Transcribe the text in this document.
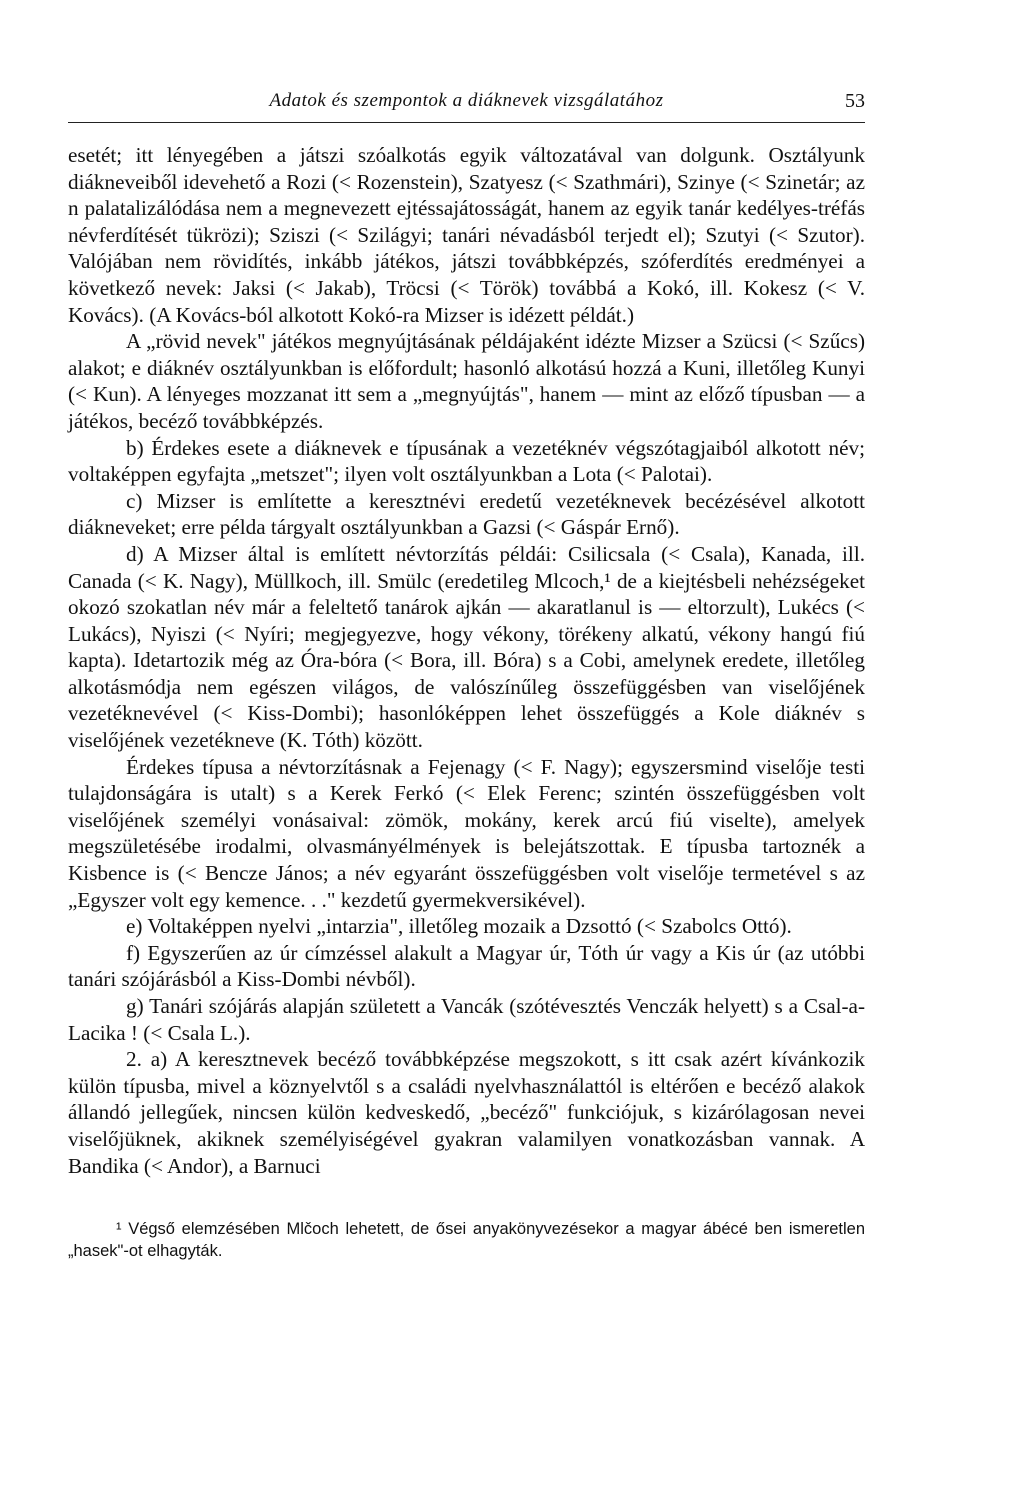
Adatok és szempontok a diáknevek vizsgálatához	53

esetét; itt lényegében a játszi szóalkotás egyik változatával van dolgunk. Osztályunk diákneveiből idevehető a Rozi (< Rozenstein), Szatyesz (< Szathmári), Szinye (< Szinetár; az n palatalizálódása nem a megnevezett ejtéssajátosságát, hanem az egyik tanár kedélyes-tréfás névferdítését tükrözi); Sziszi (< Szilágyi; tanári névadásból terjedt el); Szutyi (< Szutor). Valójában nem rövidítés, inkább játékos, játszi továbbképzés, szóferdítés eredményei a következő nevek: Jaksi (< Jakab), Tröcsi (< Török) továbbá a Kokó, ill. Kokesz (< V. Kovács). (A Kovács-ból alkotott Kokó-ra Mizser is idézett példát.)

A „rövid nevek" játékos megnyújtásának példájaként idézte Mizser a Szücsi (< Szűcs) alakot; e diáknév osztályunkban is előfordult; hasonló alkotású hozzá a Kuni, illetőleg Kunyi (< Kun). A lényeges mozzanat itt sem a „megnyújtás", hanem — mint az előző típusban — a játékos, becéző továbbképzés.

b) Érdekes esete a diáknevek e típusának a vezetéknév végszótagjaiból alkotott név; voltaképpen egyfajta „metszet"; ilyen volt osztályunkban a Lota (< Palotai).

c) Mizser is említette a keresztnévi eredetű vezetéknevek becézésével alkotott diákneveket; erre példa tárgyalt osztályunkban a Gazsi (< Gáspár Ernő).

d) A Mizser által is említett névtorzítás példái: Csilicsala (< Csala), Kanada, ill. Canada (< K. Nagy), Müllkoch, ill. Smülc (eredetileg Mlcoch,¹ de a kiejtésbeli nehézségeket okozó szokatlan név már a feleltető tanárok ajkán — akaratlanul is — eltorzult), Lukécs (< Lukács), Nyiszi (< Nyíri; megjegyezve, hogy vékony, törékeny alkatú, vékony hangú fiú kapta). Idetartozik még az Óra-bóra (< Bora, ill. Bóra) s a Cobi, amelynek eredete, illetőleg alkotásmódja nem egészen világos, de valószínűleg összefüggésben van viselőjének vezetéknevével (< Kiss-Dombi); hasonlóképpen lehet összefüggés a Kole diáknév s viselőjének vezetékneve (K. Tóth) között.

Érdekes típusa a névtorzításnak a Fejenagy (< F. Nagy); egyszersmind viselője testi tulajdonságára is utalt) s a Kerek Ferkó (< Elek Ferenc; szintén összefüggésben volt viselőjének személyi vonásaival: zömök, mokány, kerek arcú fiú viselte), amelyek megszületésébe irodalmi, olvasmányélmények is belejátszottak. E típusba tartoznék a Kisbence is (< Bencze János; a név egyaránt összefüggésben volt viselője termetével s az „Egyszer volt egy kemence. . ." kezdetű gyermekversikével).

e) Voltaképpen nyelvi „intarzia", illetőleg mozaik a Dzsottó (< Szabolcs Ottó).

f) Egyszerűen az úr címzéssel alakult a Magyar úr, Tóth úr vagy a Kis úr (az utóbbi tanári szójárásból a Kiss-Dombi névből).

g) Tanári szójárás alapján született a Vancák (szótévesztés Venczák helyett) s a Csal-a-Lacika ! (< Csala L.).

2. a) A keresztnevek becéző továbbképzése megszokott, s itt csak azért kívánkozik külön típusba, mivel a köznyelvtől s a családi nyelvhasználattól is eltérően e becéző alakok állandó jellegűek, nincsen külön kedveskedő, „becéző" funkciójuk, s kizárólagosan nevei viselőjüknek, akiknek személyiségével gyakran valamilyen vonatkozásban vannak. A Bandika (< Andor), a Barnuci

¹ Végső elemzésében Mlčoch lehetett, de ősei anyakönyvezésekor a magyar ábécé ben ismeretlen „hasek"-ot elhagyták.
